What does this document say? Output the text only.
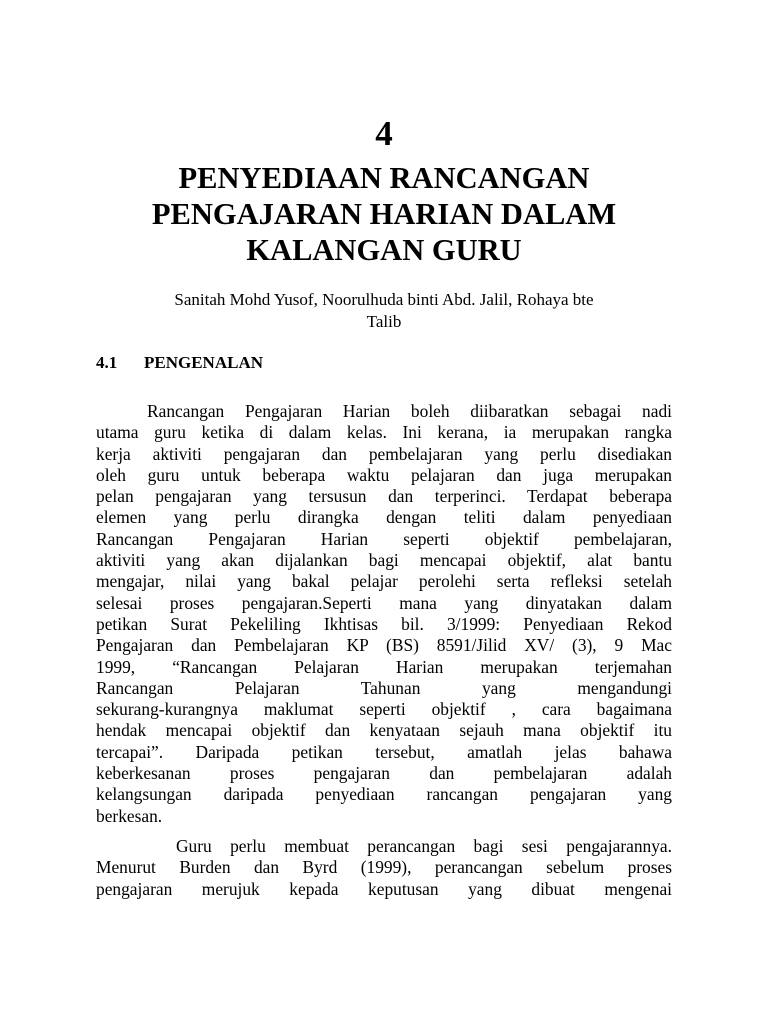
4
PENYEDIAAN RANCANGAN
PENGAJARAN HARIAN DALAM
KALANGAN GURU
Sanitah Mohd Yusof, Noorulhuda binti Abd. Jalil, Rohaya bte
Talib
4.1 PENGENALAN
Rancangan Pengajaran Harian boleh diibaratkan sebagai nadi
utama guru ketika di dalam kelas. Ini kerana, ia merupakan rangka
kerja aktiviti pengajaran dan pembelajaran yang perlu disediakan
oleh guru untuk beberapa waktu pelajaran dan juga merupakan
pelan pengajaran yang tersusun dan terperinci. Terdapat beberapa
elemen yang perlu dirangka dengan teliti dalam penyediaan
Rancangan Pengajaran Harian seperti objektif pembelajaran,
aktiviti yang akan dijalankan bagi mencapai objektif, alat bantu
mengajar, nilai yang bakal pelajar perolehi serta refleksi setelah
selesai proses pengajaran.Seperti mana yang dinyatakan dalam
petikan Surat Pekeliling Ikhtisas bil. 3/1999: Penyediaan Rekod
Pengajaran dan Pembelajaran KP (BS) 8591/Jilid XV/ (3), 9 Mac
1999, “Rancangan Pelajaran Harian merupakan terjemahan
Rancangan Pelajaran Tahunan yang mengandungi
sekurang-kurangnya maklumat seperti objektif , cara bagaimana
hendak mencapai objektif dan kenyataan sejauh mana objektif itu
tercapai”. Daripada petikan tersebut, amatlah jelas bahawa
keberkesanan proses pengajaran dan pembelajaran adalah
kelangsungan daripada penyediaan rancangan pengajaran yang
berkesan.
Guru perlu membuat perancangan bagi sesi pengajarannya.
Menurut Burden dan Byrd (1999), perancangan sebelum proses
pengajaran merujuk kepada keputusan yang dibuat mengenai
